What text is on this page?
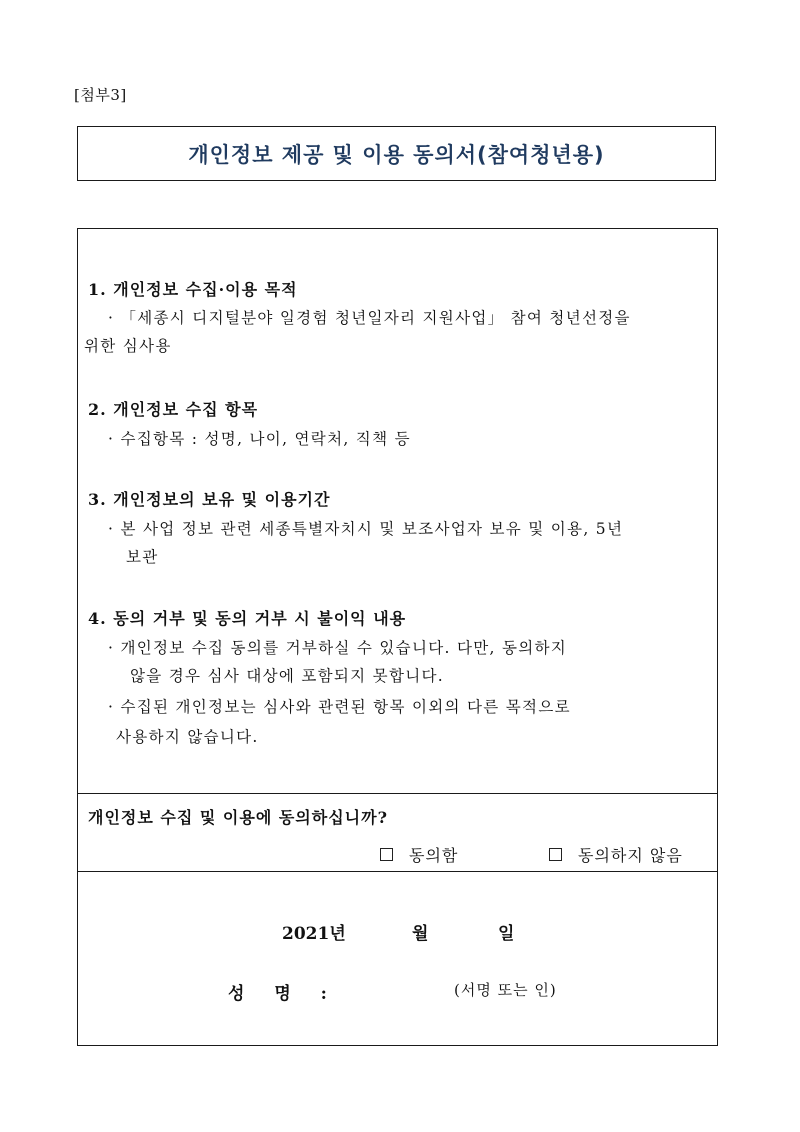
[첨부3]
개인정보 제공 및 이용 동의서(참여청년용)
1. 개인정보 수집·이용 목적
· 「세종시 디지털분야 일경험 청년일자리 지원사업」 참여 청년선정을
위한 심사용
2. 개인정보 수집 항목
· 수집항목 : 성명, 나이, 연락처, 직책 등
3. 개인정보의 보유 및 이용기간
· 본 사업 정보 관련 세종특별자치시 및 보조사업자 보유 및 이용, 5년
보관
4. 동의 거부 및 동의 거부 시 불이익 내용
· 개인정보 수집 동의를 거부하실 수 있습니다. 다만, 동의하지
않을 경우 심사 대상에 포함되지 못합니다.
· 수집된 개인정보는 심사와 관련된 항목 이외의 다른 목적으로
사용하지 않습니다.
개인정보 수집 및 이용에 동의하십니까?
동의함	동의하지 않음
2021년	월	일
성 명 :	(서명 또는 인)
